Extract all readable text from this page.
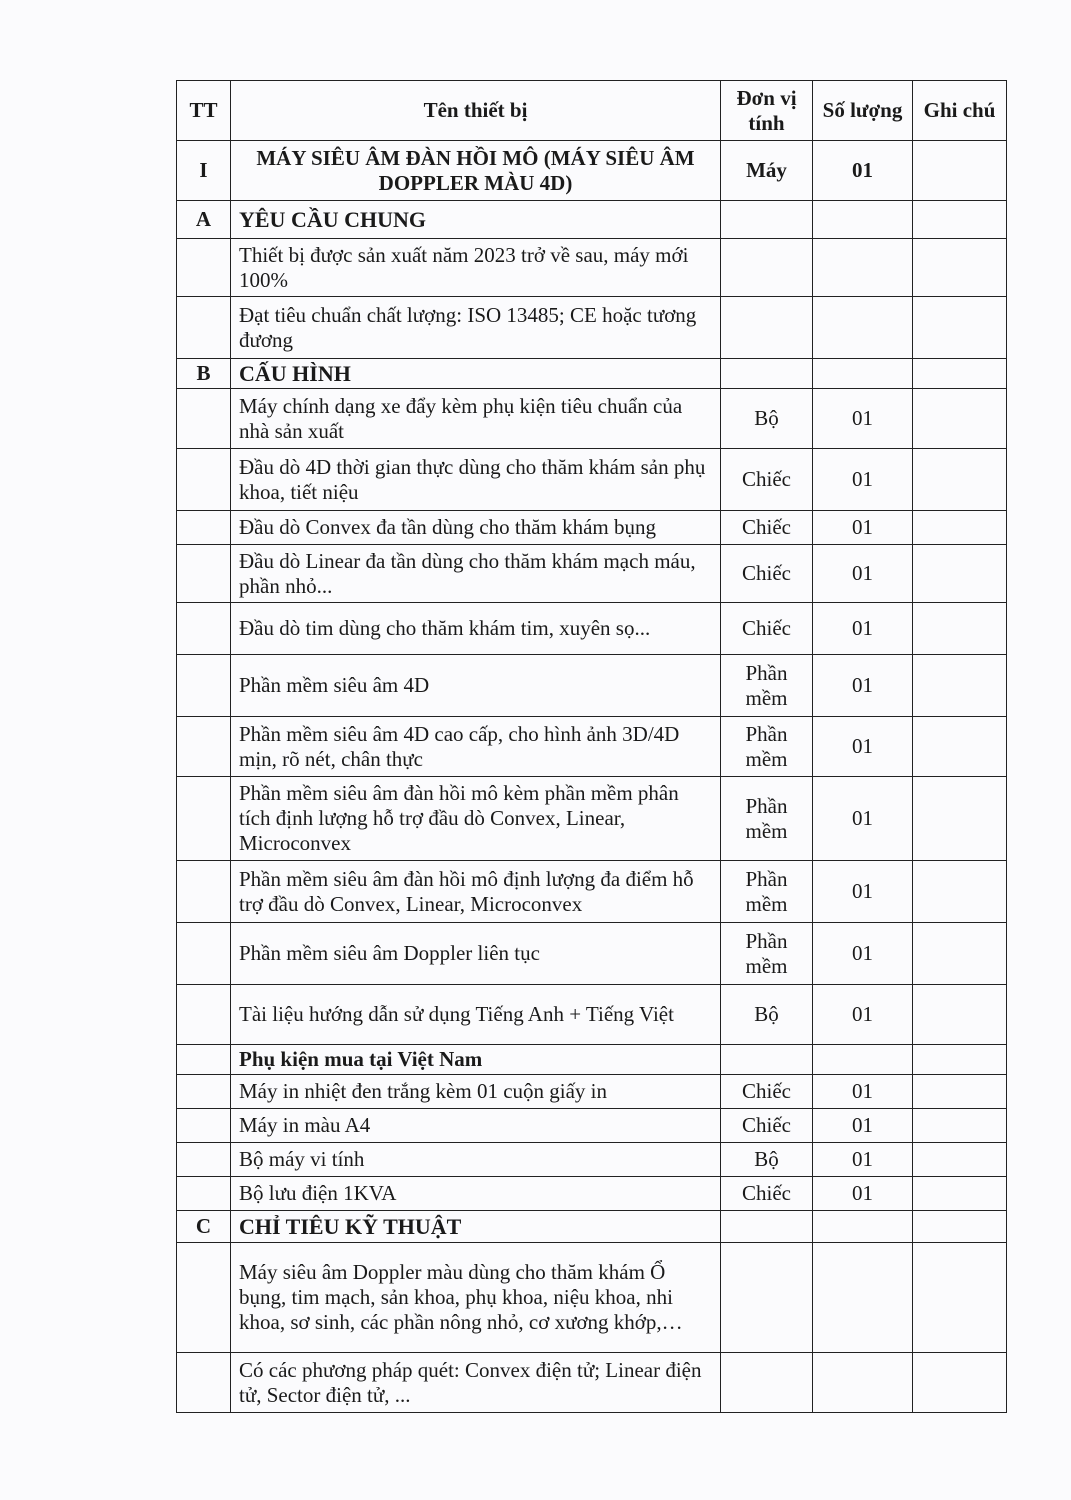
TT	Tên thiết bị	Đơn vị tính	Số lượng	Ghi chú
I	MÁY SIÊU ÂM ĐÀN HỒI MÔ (MÁY SIÊU ÂM DOPPLER MÀU 4D)	Máy	01	
A	YÊU CẦU CHUNG			
	Thiết bị được sản xuất năm 2023 trở về sau, máy mới 100%			
	Đạt tiêu chuẩn chất lượng: ISO 13485; CE hoặc tương đương			
B	CẤU HÌNH			
	Máy chính dạng xe đẩy kèm phụ kiện tiêu chuẩn của nhà sản xuất	Bộ	01	
	Đầu dò 4D thời gian thực dùng cho thăm khám sản phụ khoa, tiết niệu	Chiếc	01	
	Đầu dò Convex đa tần dùng cho thăm khám bụng	Chiếc	01	
	Đầu dò Linear đa tần dùng cho thăm khám mạch máu, phần nhỏ...	Chiếc	01	
	Đầu dò tim dùng cho thăm khám tim, xuyên sọ...	Chiếc	01	
	Phần mềm siêu âm 4D	Phần mềm	01	
	Phần mềm siêu âm 4D cao cấp, cho hình ảnh 3D/4D mịn, rõ nét, chân thực	Phần mềm	01	
	Phần mềm siêu âm đàn hồi mô kèm phần mềm phân tích định lượng hỗ trợ đầu dò Convex, Linear, Microconvex	Phần mềm	01	
	Phần mềm siêu âm đàn hồi mô định lượng đa điểm hỗ trợ đầu dò Convex, Linear, Microconvex	Phần mềm	01	
	Phần mềm siêu âm Doppler liên tục	Phần mềm	01	
	Tài liệu hướng dẫn sử dụng Tiếng Anh + Tiếng Việt	Bộ	01	
	Phụ kiện mua tại Việt Nam			
	Máy in nhiệt đen trắng kèm 01 cuộn giấy in	Chiếc	01	
	Máy in màu A4	Chiếc	01	
	Bộ máy vi tính	Bộ	01	
	Bộ lưu điện 1KVA	Chiếc	01	
C	CHỈ TIÊU KỸ THUẬT			
	Máy siêu âm Doppler màu dùng cho thăm khám Ổ bụng, tim mạch, sản khoa, phụ khoa, niệu khoa, nhi khoa, sơ sinh, các phần nông nhỏ, cơ xương khớp,…			
	Có các phương pháp quét: Convex điện tử; Linear điện tử, Sector điện tử, ...			
